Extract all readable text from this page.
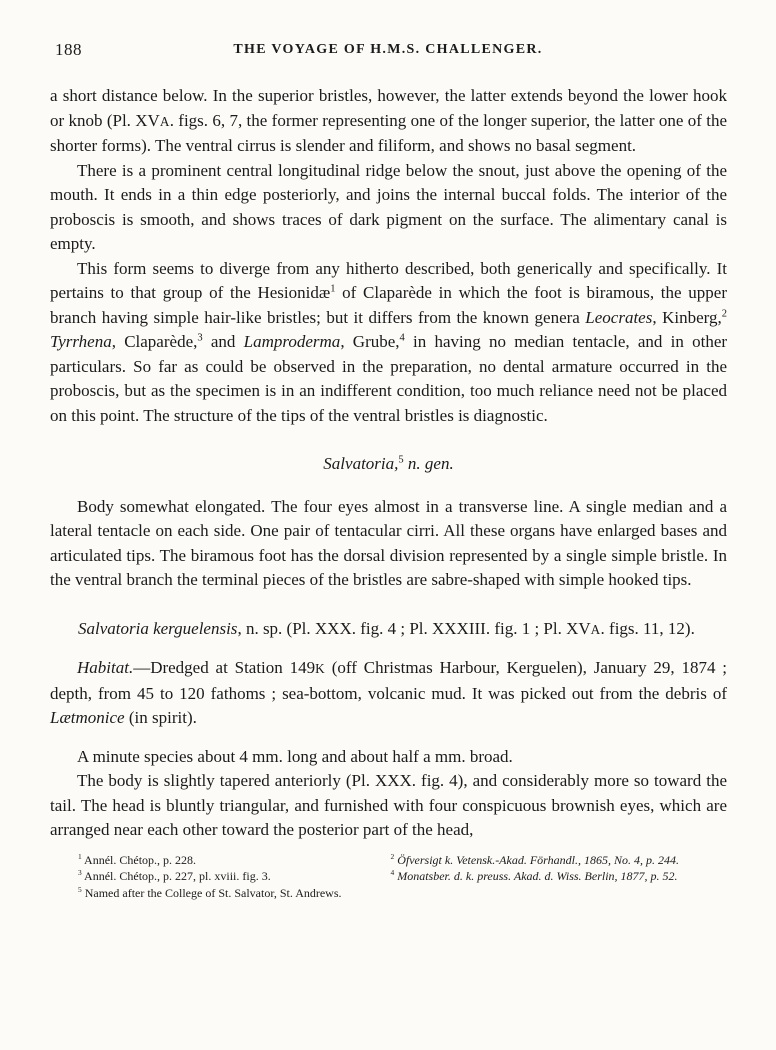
188	THE VOYAGE OF H.M.S. CHALLENGER.

a short distance below. In the superior bristles, however, the latter extends beyond the lower hook or knob (Pl. XVA. figs. 6, 7, the former representing one of the longer superior, the latter one of the shorter forms). The ventral cirrus is slender and filiform, and shows no basal segment.

There is a prominent central longitudinal ridge below the snout, just above the opening of the mouth. It ends in a thin edge posteriorly, and joins the internal buccal folds. The interior of the proboscis is smooth, and shows traces of dark pigment on the surface. The alimentary canal is empty.

This form seems to diverge from any hitherto described, both generically and specifically. It pertains to that group of the Hesionidæ$^1$ of Claparède in which the foot is biramous, the upper branch having simple hair-like bristles; but it differs from the known genera Leocrates, Kinberg,$^2$ Tyrrhena, Claparède,$^3$ and Lamproderma, Grube,$^4$ in having no median tentacle, and in other particulars. So far as could be observed in the preparation, no dental armature occurred in the proboscis, but as the specimen is in an indifferent condition, too much reliance need not be placed on this point. The structure of the tips of the ventral bristles is diagnostic.

Salvatoria,$^5$ n. gen.

Body somewhat elongated. The four eyes almost in a transverse line. A single median and a lateral tentacle on each side. One pair of tentacular cirri. All these organs have enlarged bases and articulated tips. The biramous foot has the dorsal division represented by a single simple bristle. In the ventral branch the terminal pieces of the bristles are sabre-shaped with simple hooked tips.

Salvatoria kerguelensis, n. sp. (Pl. XXX. fig. 4 ; Pl. XXXIII. fig. 1 ; Pl. XVA. figs. 11, 12).

Habitat.—Dredged at Station 149K (off Christmas Harbour, Kerguelen), January 29, 1874 ; depth, from 45 to 120 fathoms ; sea-bottom, volcanic mud. It was picked out from the debris of Lætmonice (in spirit).

A minute species about 4 mm. long and about half a mm. broad.

The body is slightly tapered anteriorly (Pl. XXX. fig. 4), and considerably more so toward the tail. The head is bluntly triangular, and furnished with four conspicuous brownish eyes, which are arranged near each other toward the posterior part of the head,

$^1$ Annél. Chétop., p. 228.
$^3$ Annél. Chétop., p. 227, pl. xviii. fig. 3.
$^5$ Named after the College of St. Salvator, St. Andrews.
$^2$ Öfversigt k. Vetensk.-Akad. Förhandl., 1865, No. 4, p. 244.
$^4$ Monatsber. d. k. preuss. Akad. d. Wiss. Berlin, 1877, p. 52.
